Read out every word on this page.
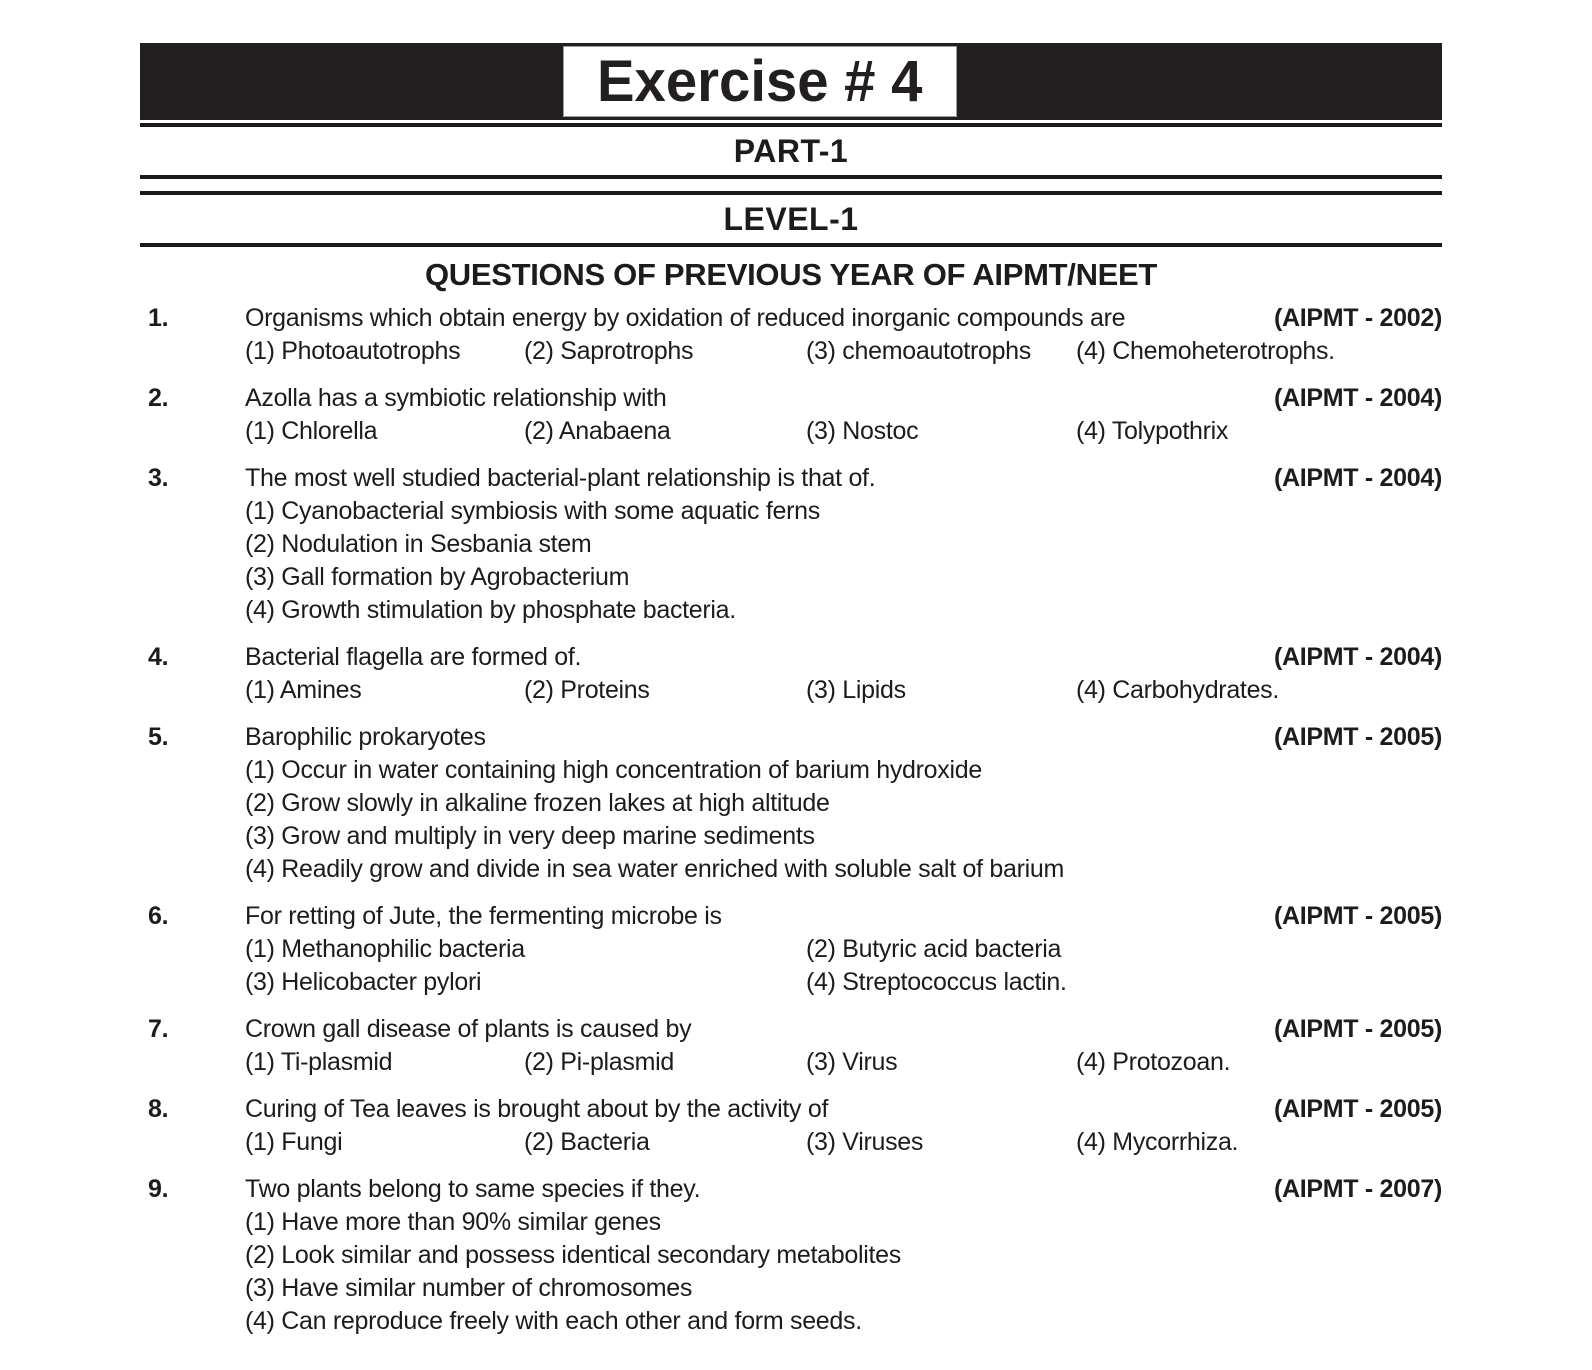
Exercise # 4
PART-1
LEVEL-1
QUESTIONS OF PREVIOUS YEAR OF AIPMT/NEET
1.	Organisms which obtain energy by oxidation of reduced inorganic compounds are	(AIPMT - 2002)
(1) Photoautotrophs	(2) Saprotrophs	(3) chemoautotrophs	(4) Chemoheterotrophs.
2.	Azolla has a symbiotic relationship with	(AIPMT - 2004)
(1) Chlorella	(2) Anabaena	(3) Nostoc	(4) Tolypothrix
3.	The most well studied bacterial-plant relationship is that of.	(AIPMT - 2004)
(1) Cyanobacterial symbiosis with some aquatic ferns
(2) Nodulation in Sesbania stem
(3) Gall formation by Agrobacterium
(4) Growth stimulation by phosphate bacteria.
4.	Bacterial flagella are formed of.	(AIPMT - 2004)
(1) Amines	(2) Proteins	(3) Lipids	(4) Carbohydrates.
5.	Barophilic prokaryotes	(AIPMT - 2005)
(1) Occur in water containing high concentration of barium hydroxide
(2) Grow slowly in alkaline frozen lakes at high altitude
(3) Grow and multiply in very deep marine sediments
(4) Readily grow and divide in sea water enriched with soluble salt of barium
6.	For retting of Jute, the fermenting microbe is	(AIPMT - 2005)
(1) Methanophilic bacteria	(2) Butyric acid bacteria
(3) Helicobacter pylori	(4) Streptococcus lactin.
7.	Crown gall disease of plants is caused by	(AIPMT - 2005)
(1) Ti-plasmid	(2) Pi-plasmid	(3) Virus	(4) Protozoan.
8.	Curing of Tea leaves is brought about by the activity of	(AIPMT - 2005)
(1) Fungi	(2) Bacteria	(3) Viruses	(4) Mycorrhiza.
9.	Two plants belong to same species if they.	(AIPMT - 2007)
(1) Have more than 90% similar genes
(2) Look similar and possess identical secondary metabolites
(3) Have similar number of chromosomes
(4) Can reproduce freely with each other and form seeds.
